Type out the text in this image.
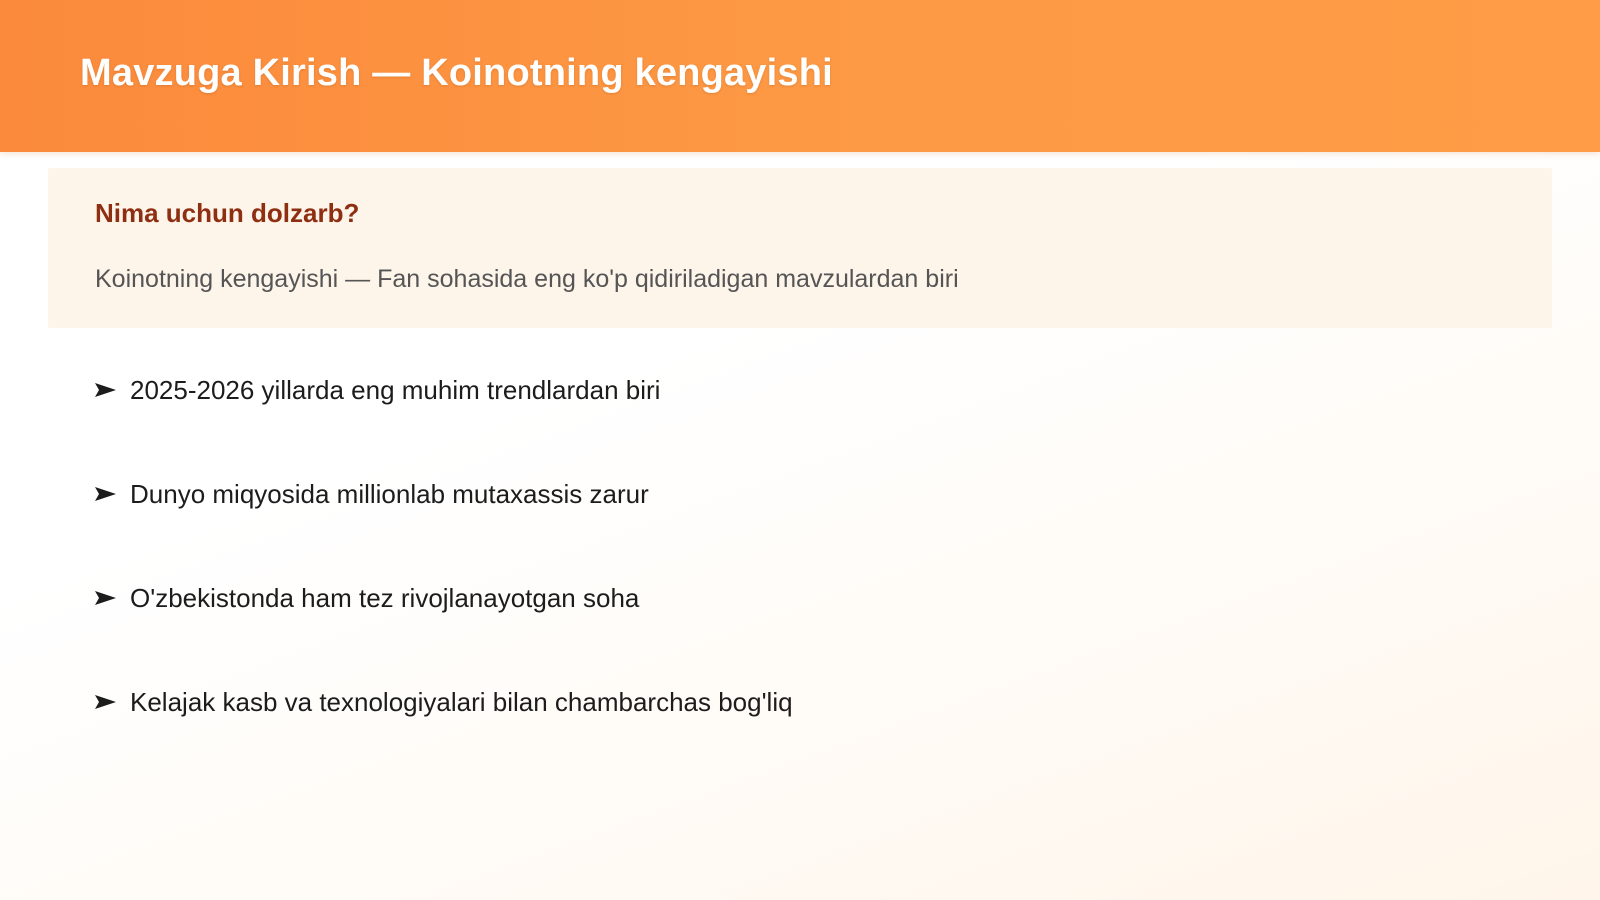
Mavzuga Kirish — Koinotning kengayishi
Nima uchun dolzarb?

Koinotning kengayishi — Fan sohasida eng ko'p qidiriladigan mavzulardan biri

2025-2026 yillarda eng muhim trendlardan biri
Dunyo miqyosida millionlab mutaxassis zarur
O'zbekistonda ham tez rivojlanayotgan soha
Kelajak kasb va texnologiyalari bilan chambarchas bog'liq
